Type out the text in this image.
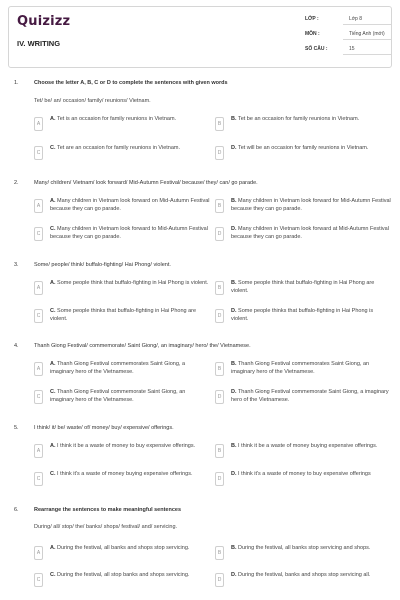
Quizizz
IV. WRITING
LỚP :	Lớp 8
MÔN :	Tiếng Anh (mới)
SỐ CÂU :	15
1.	Choose the letter A, B, C or D to complete the sentences with given words
Tet/ be/ an/ occasion/ family/ reunions/ Vietnam.
A
A. Tet is an occasion for family reunions in Vietnam.
B
B. Tet be an occasion for family reunions in Vietnam.
C
C. Tet are an occasion for family reunions in Vietnam.
D
D. Tet will be an occasion for family reunions in Vietnam.
2.	Many/ children/ Vietnam/ look forward/ Mid-Autumn Festival/ because/ they/ can/ go parade.
A
A. Many children in Vietnam look forward on Mid-Autumn Festival because they can go parade.	B
B. Many children in Vietnam look forward for Mid-Autumn Festival because they can go parade.
C
C. Many children in Vietnam look forward to Mid-Autumn Festival because they can go parade.	D
D. Many children in Vietnam look forward at Mid-Autumn Festival because they can go parade.
3.	Some/ people/ think/ buffalo-fighting/ Hai Phong/ violent.
A
A. Some people think that buffalo-fighting in Hai Phong is violent.
B
B. Some people think that buffalo-fighting in Hai Phong are violent.
C
C. Some people thinks that buffalo-fighting in Hai Phong are violent.	D
D. Some people thinks that buffalo-fighting in Hai Phong is violent.
4.	Thanh Giong Festival/ commemorate/ Saint Giong/, an imaginary/ hero/ the/ Vietnamese.
A
A. Thanh Giong Festival commemorates Saint Giong, a imaginary hero of the Vietnamese.	B
B. Thanh Giong Festival commemorates Saint Giong, an imaginary hero of the Vietnamese.
C
C. Thanh Giong Festival commemorate Saint Giong, an imaginary hero of the Vietnamese.	D
D. Thanh Giong Festival commemorate Saint Giong, a imaginary hero of the Vietnamese.
5.	I think/ it/ be/ waste/ of/ money/ buy/ expensive/ offerings.
A
A. I think it be a waste of money to buy expensive offerings.
B
B. I think it be a waste of money buying expensive offerings.
C
C. I think it's a waste of money buying expensive offerings.
D
D. I think it's a waste of money to buy expensive offerings
6.	Rearrange the sentences to make meaningful sentences
During/ all/ stop/ the/ banks/ shops/ festival/ and/ servicing.
A
A. During the festival, all banks and shops stop servicing.
B
B. During the festival, all banks stop servicing and shops.
C
C. During the festival, all stop banks and shops servicing.
D
D. During the festival, banks and shops stop servicing all.
